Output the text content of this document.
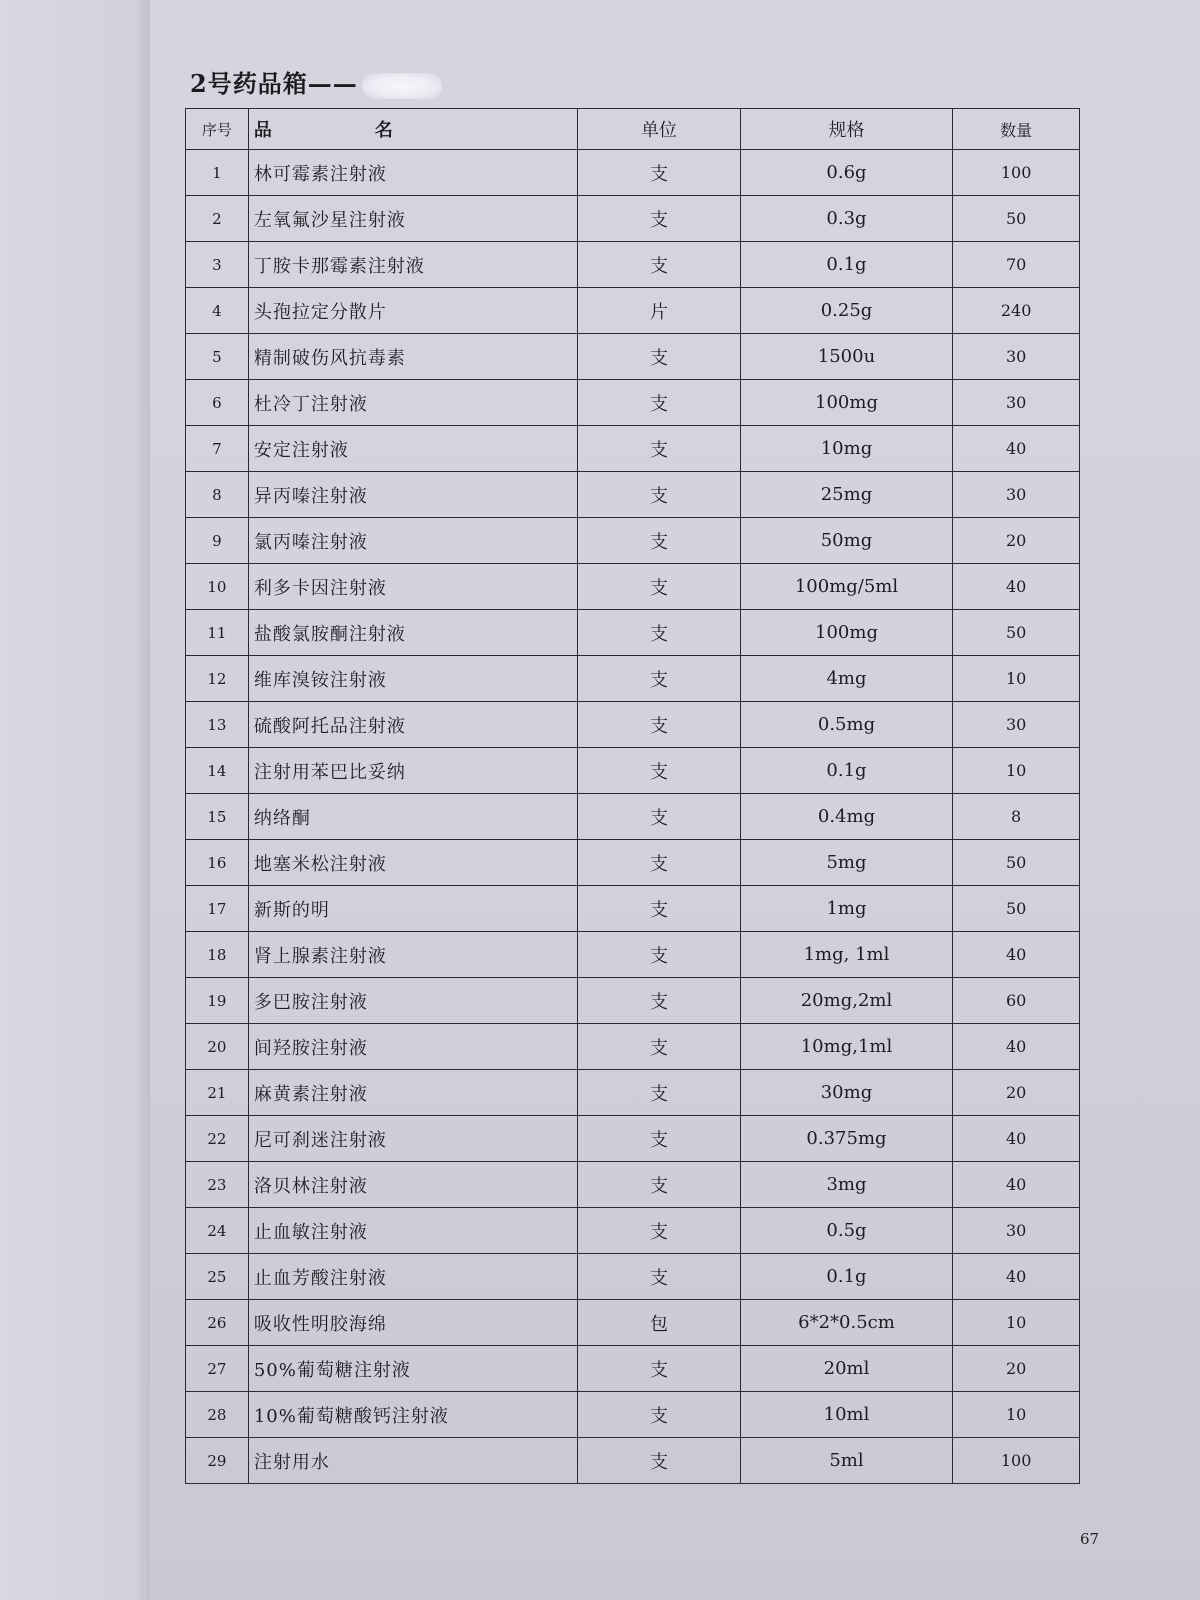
2号药品箱——
序号	品 名	单位	规格	数量
1	林可霉素注射液	支	0.6g	100
2	左氧氟沙星注射液	支	0.3g	50
3	丁胺卡那霉素注射液	支	0.1g	70
4	头孢拉定分散片	片	0.25g	240
5	精制破伤风抗毒素	支	1500u	30
6	杜冷丁注射液	支	100mg	30
7	安定注射液	支	10mg	40
8	异丙嗪注射液	支	25mg	30
9	氯丙嗪注射液	支	50mg	20
10	利多卡因注射液	支	100mg/5ml	40
11	盐酸氯胺酮注射液	支	100mg	50
12	维库溴铵注射液	支	4mg	10
13	硫酸阿托品注射液	支	0.5mg	30
14	注射用苯巴比妥纳	支	0.1g	10
15	纳络酮	支	0.4mg	8
16	地塞米松注射液	支	5mg	50
17	新斯的明	支	1mg	50
18	肾上腺素注射液	支	1mg, 1ml	40
19	多巴胺注射液	支	20mg,2ml	60
20	间羟胺注射液	支	10mg,1ml	40
21	麻黄素注射液	支	30mg	20
22	尼可刹迷注射液	支	0.375mg	40
23	洛贝林注射液	支	3mg	40
24	止血敏注射液	支	0.5g	30
25	止血芳酸注射液	支	0.1g	40
26	吸收性明胶海绵	包	6*2*0.5cm	10
27	50%葡萄糖注射液	支	20ml	20
28	10%葡萄糖酸钙注射液	支	10ml	10
29	注射用水	支	5ml	100
67
